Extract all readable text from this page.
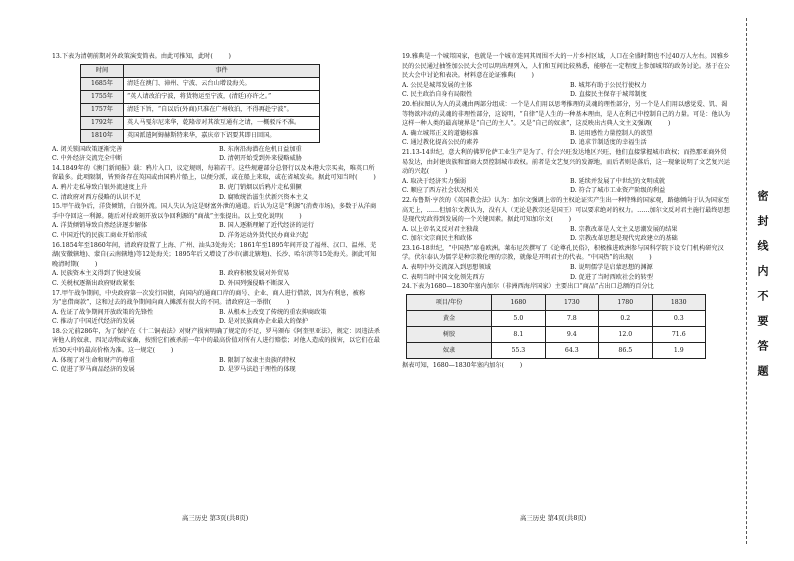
13.下表为清朝前期对外政策演变简表。由此可推知，此时(        )

时间	事件
1685年	清廷在澳门、漳州、宁波、云台山增设海关。
1755年	“英人请改泊宁波，将货物运至宁波，(清廷)亦许之。”
1757年	清廷下旨，“自以后(外商)只准在广州收泊，不得再赴宁波”。
1792年	英人马戛尔尼来华，乾隆帝对其欲互通有之请，一概驳斥不准。
1810年	英国派遣阿姆赫斯特来华，嘉庆帝下诏要其即日回国。
A. 闭关锁国政策逐渐完善	B. 东南沿海潜在危机日益加重
C. 中外经济交流完全中断	D. 清朝开始受到外来侵略威胁

14.1849年的《澳门新闻报》载：鸦片入口，议定规则，每箱若干。这些规避部分总督行以及本港大宗买卖，唯英口所留最多。此项限制，皆预备存在英国或由国鸦片船上，以便分派，或在船上来取，或在省城发卖。据此可知当时(        )

A. 鸦片走私导致白银外流速度上升	B. 虎门销烟以后鸦片走私猖獗
C. 清政府对西方侵略的认识不足	D. 腐败统治滋生伏新兴资本主义

15.甲午战争后，洋货倾销，白银外流。国人失认为这是财富外泄的通道。后认为这是“利源”(消费市场)，多数于从洋商手中夺回这一利源。随后对付政刻开放以争回利源的“商战”主张提出。以上变化说明(        )

A. 洋货倾销导致自然经济逐步解体	B. 国人逐渐理解了近代经济的运行
C. 中国近代的民族工商业开始形成	D. 洋务运动外货代民办商业兴起

16.1854年至1860年间，清政府设置了上海、广州、汕头3处海关；1861年至1895年间开设了福州、汉口、温州、芜湖(安徽辖地)、蒙自(云南辖地)等12处海关；1895年后又增设了沙市(湖北辖地)、长沙、哈尔滨等15处海关。据此可知晚清时期(        )

A. 民族资本主义得到了快速发展	B. 政府积极发展对外贸易
C. 关税权逐渐出政府财政紧张	D. 外国列强侵略不断深入

17.甲午战争期间，中央政府第一次发行国债，向国内的通商口岸的商号、企业、商人进行借款，因为有利息，被称为“息借商款”，这和过去的战争期间向商人摊派有很大的不同。清政府这一举措(        )

A. 佐证了战争期间开放政策的先锋性	B. 从根本上改变了传统的重农抑商政策
C. 推动了中国近代经济的发展	D. 是对民族商办企业最大的保护

18.公元前286年，为了保护在《十二铜表法》对财产损害明确了规定的不足，罗马颁布《阿奎里亚法》，规定：因违法杀害他人的奴隶、四足动物或家畜，按照它们被杀前一年中的最高价值对所有人进行赔偿；对他人造成的损害，以它们在最后30天中的最高价格为准。这一规定(        )

A. 体现了对生命和财产的尊重	B. 限制了奴隶主贵族的特权
C. 促进了罗马商品经济的发展	D. 是罗马法趋于理性的体现

19.雅典是一个城邦国家，也就是一个城市连同其周围不大的一片乡村区域，人口在全盛时期也不过40万人左右。因雅乡民的公民通过抽签加公民大会可以明出理列入，人们和互间比较熟悉，能够在一定程度上参加城邦的政务讨论。基于在公民大会中讨论和表决。材料意在论证雅典(        )

A. 公民是城邦发展的主体	B. 城邦有助于公民行使权力
C. 民主政治自身有局限性	D. 直接民主保存于城邦制度

20.柏拉图认为人的灵魂由两部分组成：一个是人们用以思考推理的灵魂的理性部分，另一个是人们用以感觉爱、饥、渴等物欲冲动的灵魂的非理性部分，这说明，“自律”是人生的一种基本理由，是人在利己中控制自己的力量。可是：他认为这样一种人类的最高境界是“自己的主人”。又是“自己的奴隶”，这反映出古典人文主义强调(        )

A. 确立城邦正义的道德标准	B. 运用感性力量控制人的欲望
C. 通过教化提高公民的素养	D. 追求节制适度的幸福生活

21.13-14世纪，意大利的佛罗伦萨工业生产是为了、行会兴旺发达地区兴旺，他们直接掌握城市政权；而热那亚商外贸易发达，由封建贵族和富商大贾控制城市政权。前者是文艺复兴的发源地，而后者则是落后，这一现象说明了文艺复兴运动的兴起(        )

A. 取决于经济实力强弱	B. 延续并发展了中世纪的文明成就
C. 顺应了西方社会状况相关	D. 符合了城市工业资产阶级的利益

22.布鲁斯·亨茨的《英国教会法》认为：加尔文强调上帝的主权论证实产生出一种特殊的国家观，路德倾向于认为国家至高无上，……但加尔文教认为，没有人（无论是教宗还是国王）可以要求绝对的权力。……加尔文反对君主施行最终思想是现代宪政得到发展的一个关键因素。据此可知加尔文(        )

A. 以上帝名义反对君主独裁	B. 宗教改革是人文主义思潮发展的结果
C. 加尔文宗商民主和政体	D. 宗教改革思想是现代宪政建立的基础

23.16-18世纪，“中国热”席卷欧洲。莱布尼茨撰写了《论尊孔民俗》，积极推进欧洲参与国科学院下设专门机构研究汉学。伏尔泰认为儒学是种宗教伦理的宗教，就像是开明君主的代表。“中国热”的出现(        )

A. 表明中外交流深入到思想领域	B. 说明儒学是启蒙思想的渊源
C. 表明当时中国文化领先西方	D. 促进了当时西欧社会的转型

24.下表为1680—1830年塞内加尔（非洲西海岸国家）主要出口“商品”占出口总额的百分比

项目/年份	1680	1730	1780	1830
黄金	5.0	7.8	0.2	0.3
树胶	8.1	9.4	12.0	71.6
奴隶	55.3	64.3	86.5	1.9

据表可知，1680—1830年塞内加尔(        )

高三历史 第3页(共8页)	高三历史 第4页(共8页)
密封线内不要答题
